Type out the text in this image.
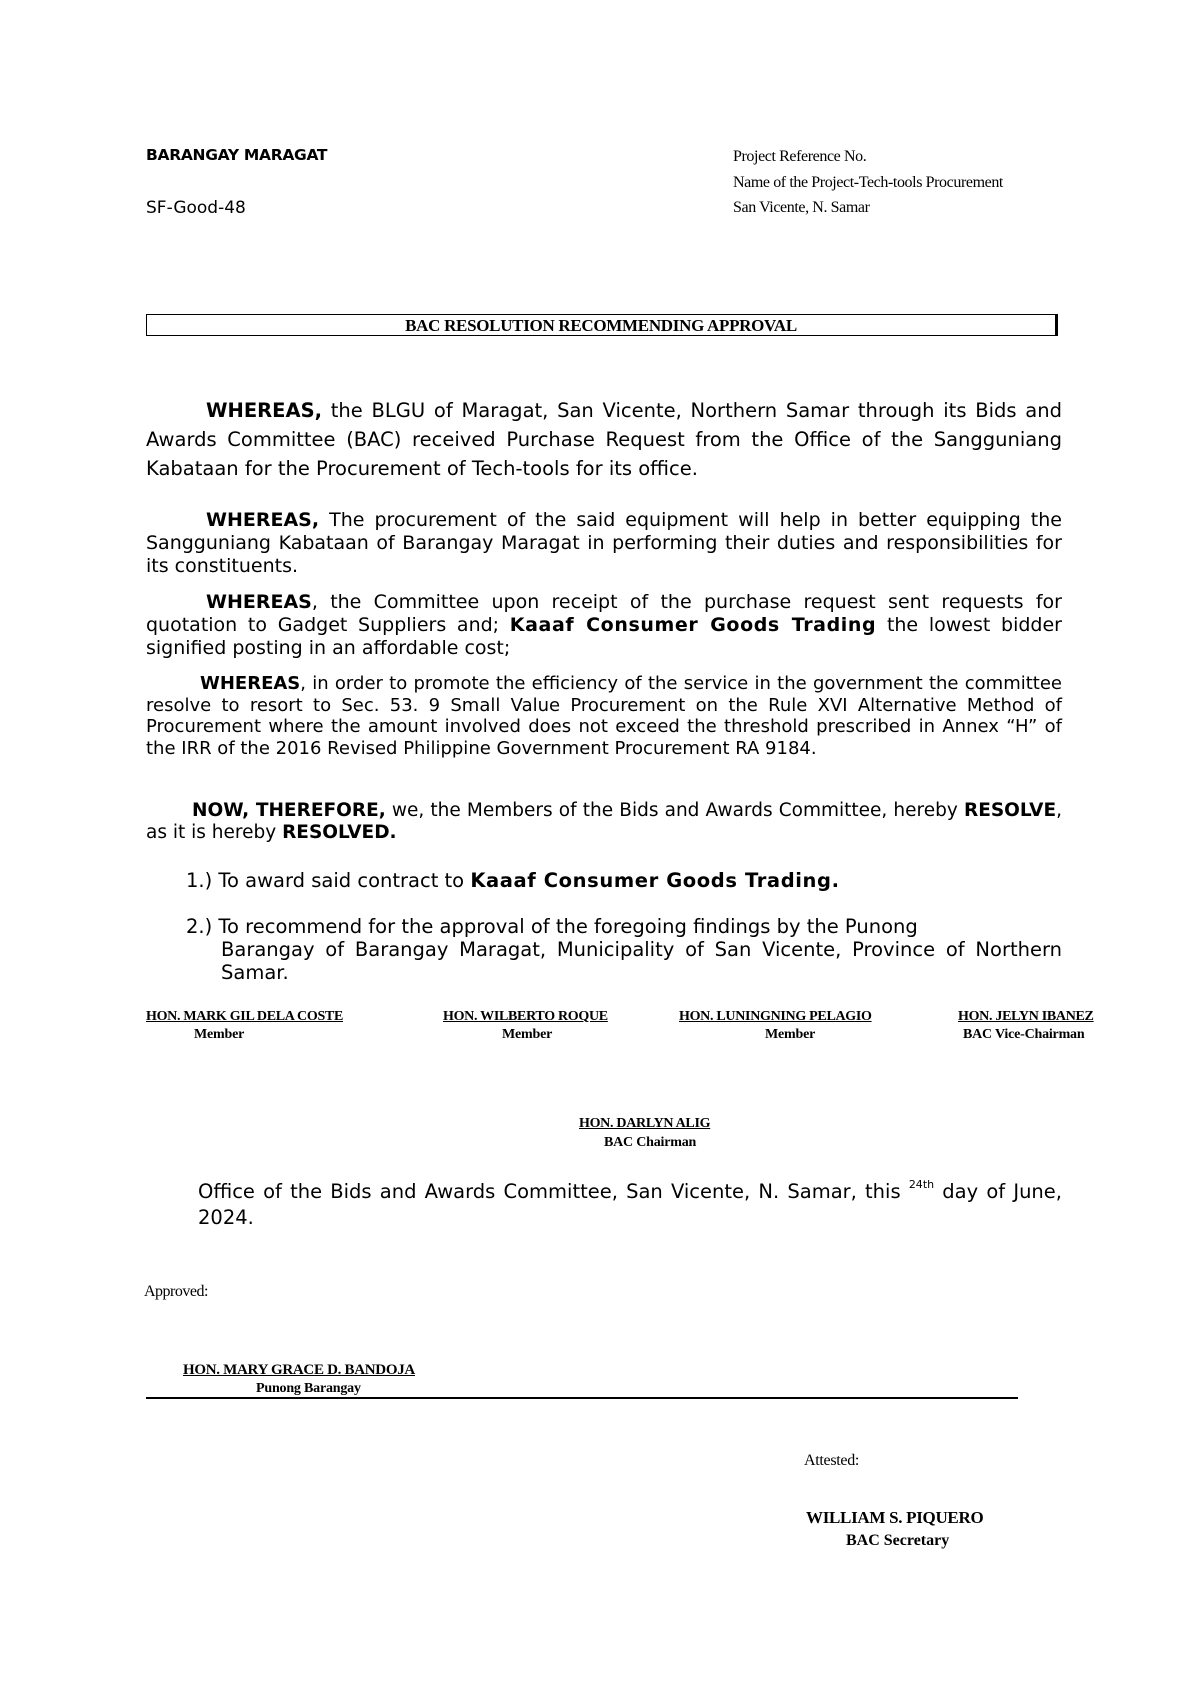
BARANGAY MARAGAT
SF-Good-48
Project Reference No.
Name of the Project-Tech-tools Procurement
San Vicente, N. Samar
BAC RESOLUTION RECOMMENDING APPROVAL
WHEREAS, the BLGU of Maragat, San Vicente, Northern Samar through its Bids and Awards Committee (BAC) received Purchase Request from the Office of the Sangguniang Kabataan for the Procurement of Tech-tools for its office.
WHEREAS, The procurement of the said equipment will help in better equipping the Sangguniang Kabataan of Barangay Maragat in performing their duties and responsibilities for its constituents.
WHEREAS, the Committee upon receipt of the purchase request sent requests for quotation to Gadget Suppliers and; Kaaaf Consumer Goods Trading the lowest bidder signified posting in an affordable cost;
WHEREAS, in order to promote the efficiency of the service in the government the committee resolve to resort to Sec. 53. 9 Small Value Procurement on the Rule XVI Alternative Method of Procurement where the amount involved does not exceed the threshold prescribed in Annex “H” of the IRR of the 2016 Revised Philippine Government Procurement RA 9184.
NOW, THEREFORE, we, the Members of the Bids and Awards Committee, hereby RESOLVE, as it is hereby RESOLVED.
1.) To award said contract to Kaaaf Consumer Goods Trading.
2.) To recommend for the approval of the foregoing findings by the Punong
Barangay of Barangay Maragat, Municipality of San Vicente, Province of Northern Samar.
HON. MARK GIL DELA COSTE
Member
HON. WILBERTO ROQUE
Member
HON. LUNINGNING PELAGIO
Member
HON. JELYN IBANEZ
BAC Vice-Chairman
HON. DARLYN ALIG
BAC Chairman
Office of the Bids and Awards Committee, San Vicente, N. Samar, this $^{24th}$ day of June, 2024.
Approved:
HON. MARY GRACE D. BANDOJA
Punong Barangay
Attested:
WILLIAM S. PIQUERO
BAC Secretary
